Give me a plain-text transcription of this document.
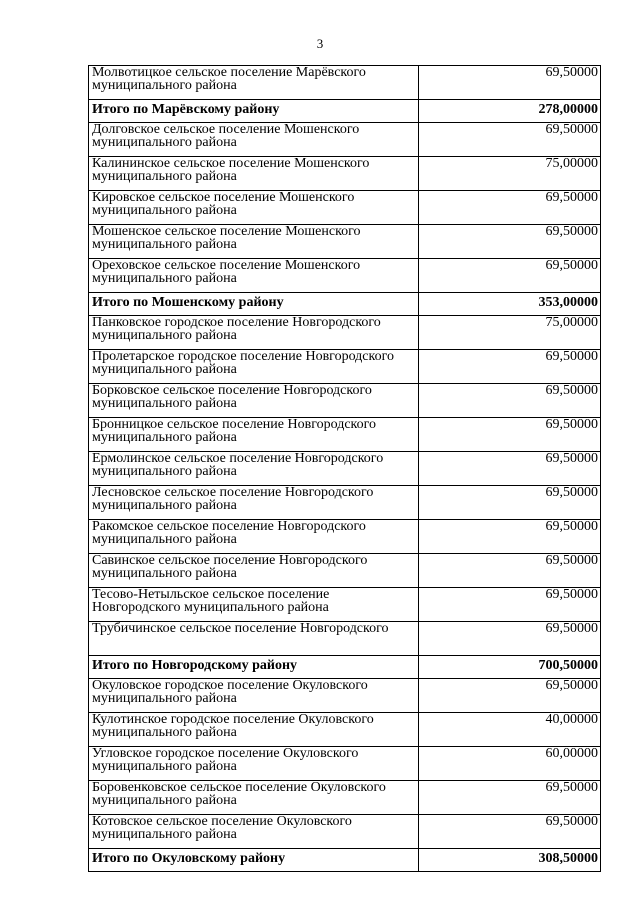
3
Молвотицкое сельское поселение Марёвского
муниципального района	69,50000

Итого по Марёвскому району	278,00000

Долговское сельское поселение Мошенского
муниципального района	69,50000

Калининское сельское поселение Мошенского
муниципального района	75,00000

Кировское сельское поселение Мошенского
муниципального района	69,50000

Мошенское сельское поселение Мошенского
муниципального района	69,50000

Ореховское сельское поселение Мошенского
муниципального района	69,50000

Итого по Мошенскому району	353,00000

Панковское городское поселение Новгородского
муниципального района	75,00000

Пролетарское городское поселение Новгородского
муниципального района	69,50000

Борковское сельское поселение Новгородского
муниципального района	69,50000

Бронницкое сельское поселение Новгородского
муниципального района	69,50000

Ермолинское сельское поселение Новгородского
муниципального района	69,50000

Лесновское сельское поселение Новгородского
муниципального района	69,50000

Ракомское сельское поселение Новгородского
муниципального района	69,50000

Савинское сельское поселение Новгородского
муниципального района	69,50000

Тесово-Нетыльское сельское поселение
Новгородского муниципального района	69,50000

Трубичинское сельское поселение Новгородского	69,50000

Итого по Новгородскому району	700,50000

Окуловское городское поселение Окуловского
муниципального района	69,50000

Кулотинское городское поселение Окуловского
муниципального района	40,00000

Угловское городское поселение Окуловского
муниципального района	60,00000

Боровенковское сельское поселение Окуловского
муниципального района	69,50000

Котовское сельское поселение Окуловского
муниципального района	69,50000

Итого по Окуловскому району	308,50000
